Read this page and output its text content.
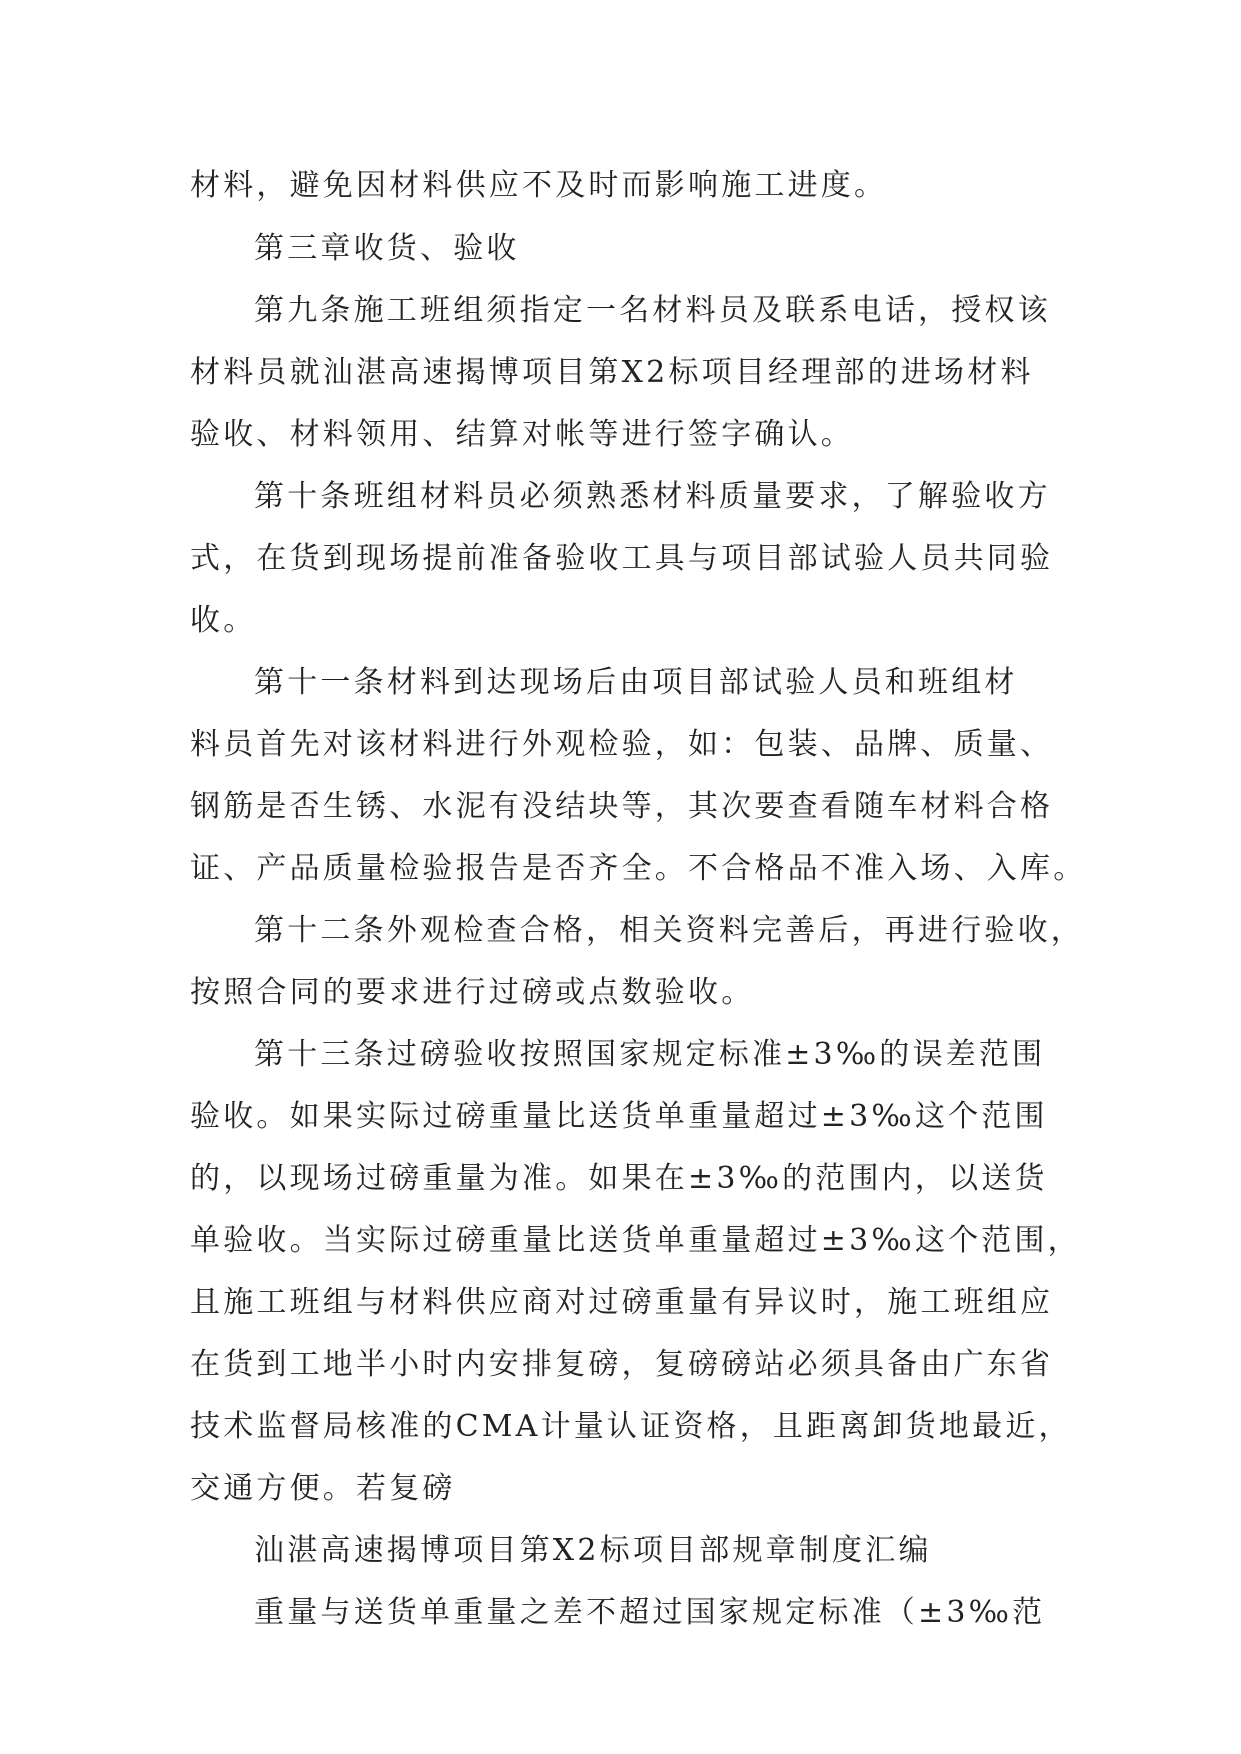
材料，避免因材料供应不及时而影响施工进度。
第三章收货、验收
第九条施工班组须指定一名材料员及联系电话，授权该
材料员就汕湛高速揭博项目第X2标项目经理部的进场材料
验收、材料领用、结算对帐等进行签字确认。
第十条班组材料员必须熟悉材料质量要求，了解验收方
式，在货到现场提前准备验收工具与项目部试验人员共同验
收。
第十一条材料到达现场后由项目部试验人员和班组材
料员首先对该材料进行外观检验，如：包装、品牌、质量、
钢筋是否生锈、水泥有没结块等，其次要查看随车材料合格
证、产品质量检验报告是否齐全。不合格品不准入场、入库。
第十二条外观检查合格，相关资料完善后，再进行验收，
按照合同的要求进行过磅或点数验收。
第十三条过磅验收按照国家规定标准±3‰的误差范围
验收。如果实际过磅重量比送货单重量超过±3‰这个范围
的，以现场过磅重量为准。如果在±3‰的范围内，以送货
单验收。当实际过磅重量比送货单重量超过±3‰这个范围，
且施工班组与材料供应商对过磅重量有异议时，施工班组应
在货到工地半小时内安排复磅，复磅磅站必须具备由广东省
技术监督局核准的CMA计量认证资格，且距离卸货地最近，
交通方便。若复磅
汕湛高速揭博项目第X2标项目部规章制度汇编
重量与送货单重量之差不超过国家规定标准（±3‰范
